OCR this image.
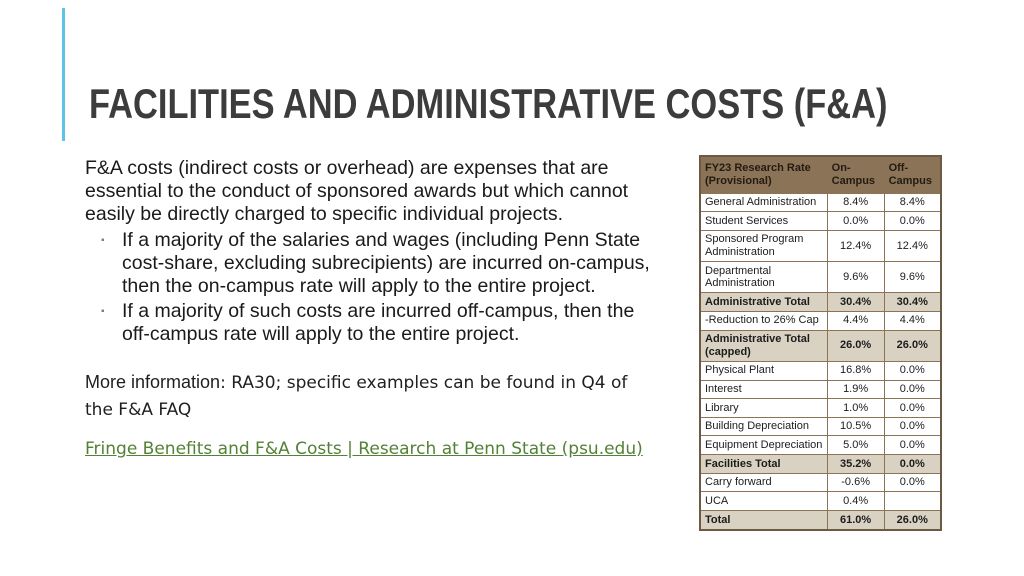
FACILITIES AND ADMINISTRATIVE COSTS (F&A)

F&A costs (indirect costs or overhead) are expenses that are essential to the conduct of sponsored awards but which cannot easily be directly charged to specific individual projects.

▪ If a majority of the salaries and wages (including Penn State cost-share, excluding subrecipients) are incurred on-campus, then the on-campus rate will apply to the entire project.
▪ If a majority of such costs are incurred off-campus, then the off-campus rate will apply to the entire project.

More information: RA30; specific examples can be found in Q4 of the F&A FAQ

Fringe Benefits and F&A Costs | Research at Penn State (psu.edu)
FY23 Research Rate (Provisional)	On-Campus	Off-Campus
General Administration	8.4%	8.4%
Student Services	0.0%	0.0%
Sponsored Program Administration	12.4%	12.4%
Departmental Administration	9.6%	9.6%
Administrative Total	30.4%	30.4%
-Reduction to 26% Cap	4.4%	4.4%
Administrative Total (capped)	26.0%	26.0%
Physical Plant	16.8%	0.0%
Interest	1.9%	0.0%
Library	1.0%	0.0%
Building Depreciation	10.5%	0.0%
Equipment Depreciation	5.0%	0.0%
Facilities Total	35.2%	0.0%
Carry forward	-0.6%	0.0%
UCA	0.4%	
Total	61.0%	26.0%
